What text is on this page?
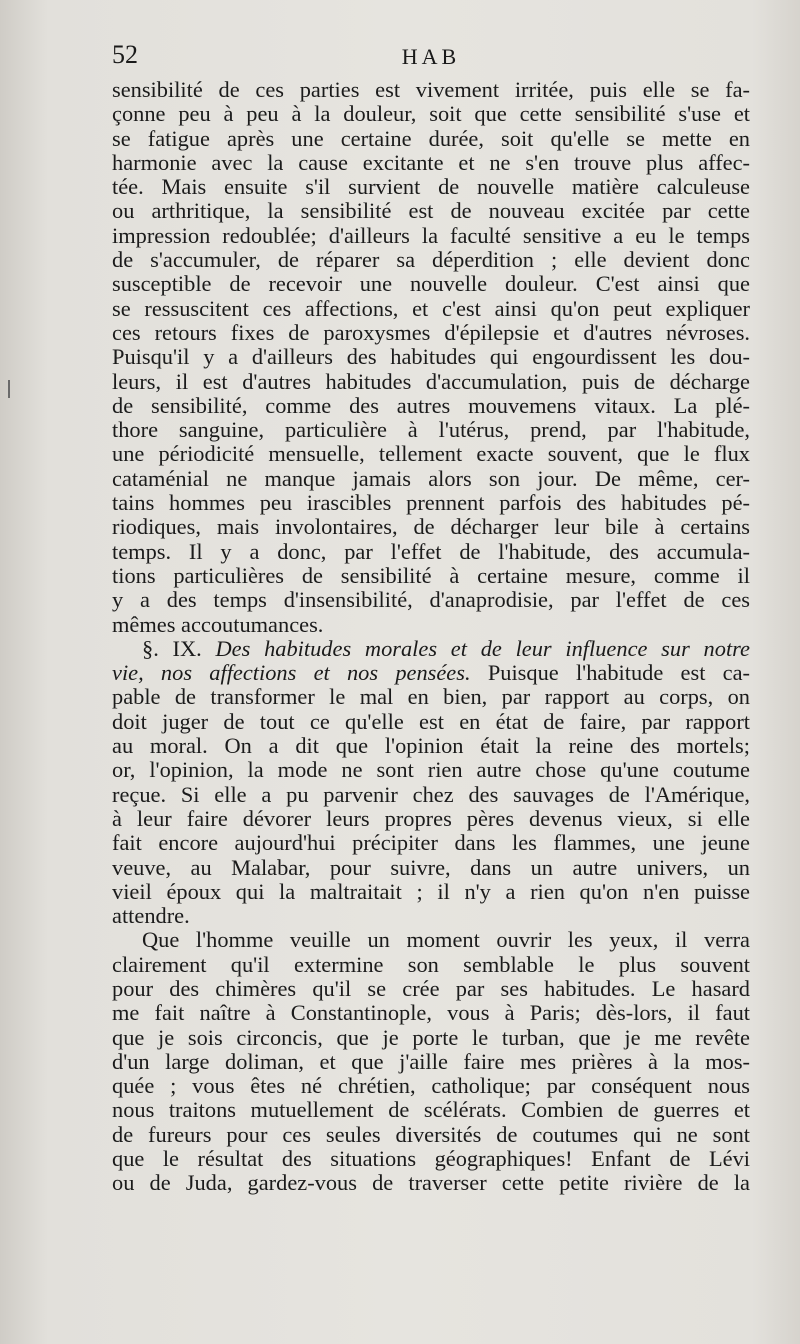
52	HAB
sensibilité de ces parties est vivement irritée, puis elle se fa-
çonne peu à peu à la douleur, soit que cette sensibilité s'use et
se fatigue après une certaine durée, soit qu'elle se mette en
harmonie avec la cause excitante et ne s'en trouve plus affec-
tée. Mais ensuite s'il survient de nouvelle matière calculeuse
ou arthritique, la sensibilité est de nouveau excitée par cette
impression redoublée; d'ailleurs la faculté sensitive a eu le temps
de s'accumuler, de réparer sa déperdition ; elle devient donc
susceptible de recevoir une nouvelle douleur. C'est ainsi que
se ressuscitent ces affections, et c'est ainsi qu'on peut expliquer
ces retours fixes de paroxysmes d'épilepsie et d'autres névroses.
Puisqu'il y a d'ailleurs des habitudes qui engourdissent les dou-
leurs, il est d'autres habitudes d'accumulation, puis de décharge
de sensibilité, comme des autres mouvemens vitaux. La plé-
thore sanguine, particulière à l'utérus, prend, par l'habitude,
une périodicité mensuelle, tellement exacte souvent, que le flux
cataménial ne manque jamais alors son jour. De même, cer-
tains hommes peu irascibles prennent parfois des habitudes pé-
riodiques, mais involontaires, de décharger leur bile à certains
temps. Il y a donc, par l'effet de l'habitude, des accumula-
tions particulières de sensibilité à certaine mesure, comme il
y a des temps d'insensibilité, d'anaprodisie, par l'effet de ces
mêmes accoutumances.
§. IX. Des habitudes morales et de leur influence sur notre
vie, nos affections et nos pensées. Puisque l'habitude est ca-
pable de transformer le mal en bien, par rapport au corps, on
doit juger de tout ce qu'elle est en état de faire, par rapport
au moral. On a dit que l'opinion était la reine des mortels;
or, l'opinion, la mode ne sont rien autre chose qu'une coutume
reçue. Si elle a pu parvenir chez des sauvages de l'Amérique,
à leur faire dévorer leurs propres pères devenus vieux, si elle
fait encore aujourd'hui précipiter dans les flammes, une jeune
veuve, au Malabar, pour suivre, dans un autre univers, un
vieil époux qui la maltraitait ; il n'y a rien qu'on n'en puisse
attendre.
Que l'homme veuille un moment ouvrir les yeux, il verra
clairement qu'il extermine son semblable le plus souvent
pour des chimères qu'il se crée par ses habitudes. Le hasard
me fait naître à Constantinople, vous à Paris; dès-lors, il faut
que je sois circoncis, que je porte le turban, que je me revête
d'un large doliman, et que j'aille faire mes prières à la mos-
quée ; vous êtes né chrétien, catholique; par conséquent nous
nous traitons mutuellement de scélérats. Combien de guerres et
de fureurs pour ces seules diversités de coutumes qui ne sont
que le résultat des situations géographiques! Enfant de Lévi
ou de Juda, gardez-vous de traverser cette petite rivière de la
